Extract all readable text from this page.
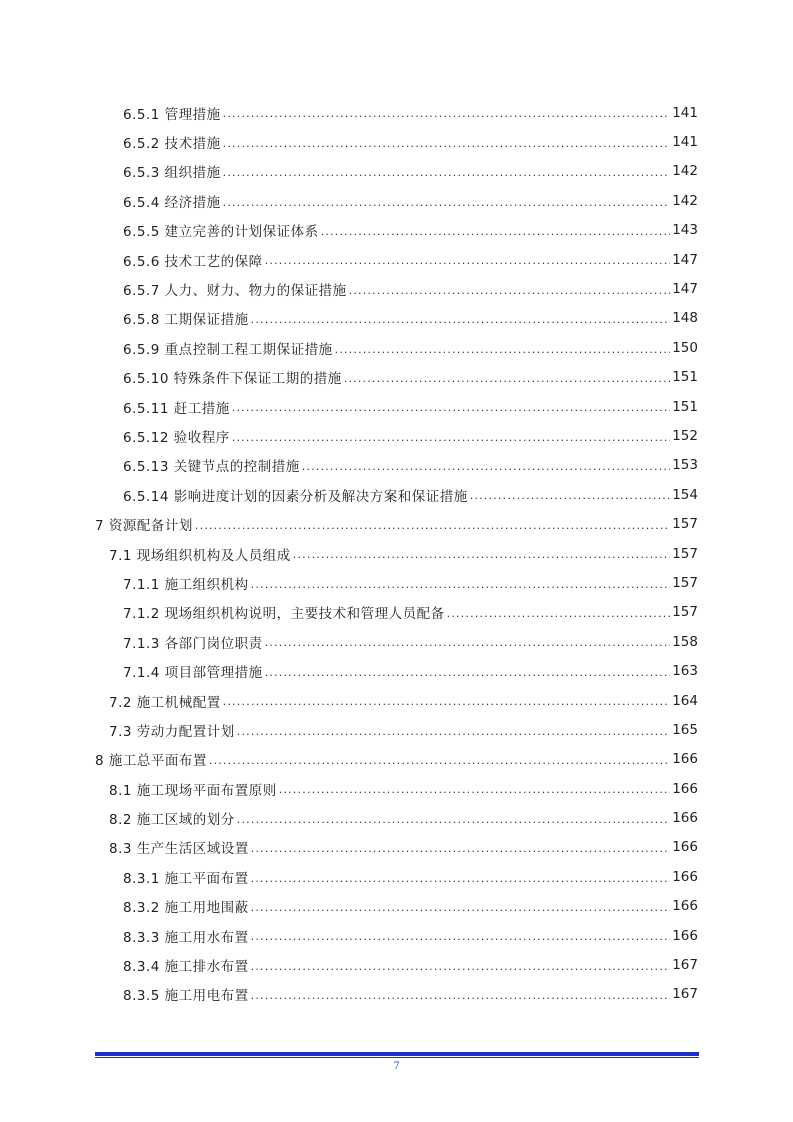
6.5.1 管理措施 .....	141
6.5.2 技术措施 .....	141
6.5.3 组织措施 .....	142
6.5.4 经济措施 .....	142
6.5.5 建立完善的计划保证体系 .....	143
6.5.6 技术工艺的保障 .....	147
6.5.7 人力、财力、物力的保证措施 .....	147
6.5.8 工期保证措施 .....	148
6.5.9 重点控制工程工期保证措施 .....	150
6.5.10 特殊条件下保证工期的措施 .....	151
6.5.11 赶工措施 .....	151
6.5.12 验收程序 .....	152
6.5.13 关键节点的控制措施 .....	153
6.5.14 影响进度计划的因素分析及解决方案和保证措施 .....	154
7 资源配备计划 .....	157
7.1 现场组织机构及人员组成 .....	157
7.1.1 施工组织机构 .....	157
7.1.2 现场组织机构说明，主要技术和管理人员配备 .....	157
7.1.3 各部门岗位职责 .....	158
7.1.4 项目部管理措施 .....	163
7.2 施工机械配置 .....	164
7.3 劳动力配置计划 .....	165
8 施工总平面布置 .....	166
8.1 施工现场平面布置原则 .....	166
8.2 施工区域的划分 .....	166
8.3 生产生活区域设置 .....	166
8.3.1 施工平面布置 .....	166
8.3.2 施工用地围蔽 .....	166
8.3.3 施工用水布置 .....	166
8.3.4 施工排水布置 .....	167
8.3.5 施工用电布置 .....	167
7
